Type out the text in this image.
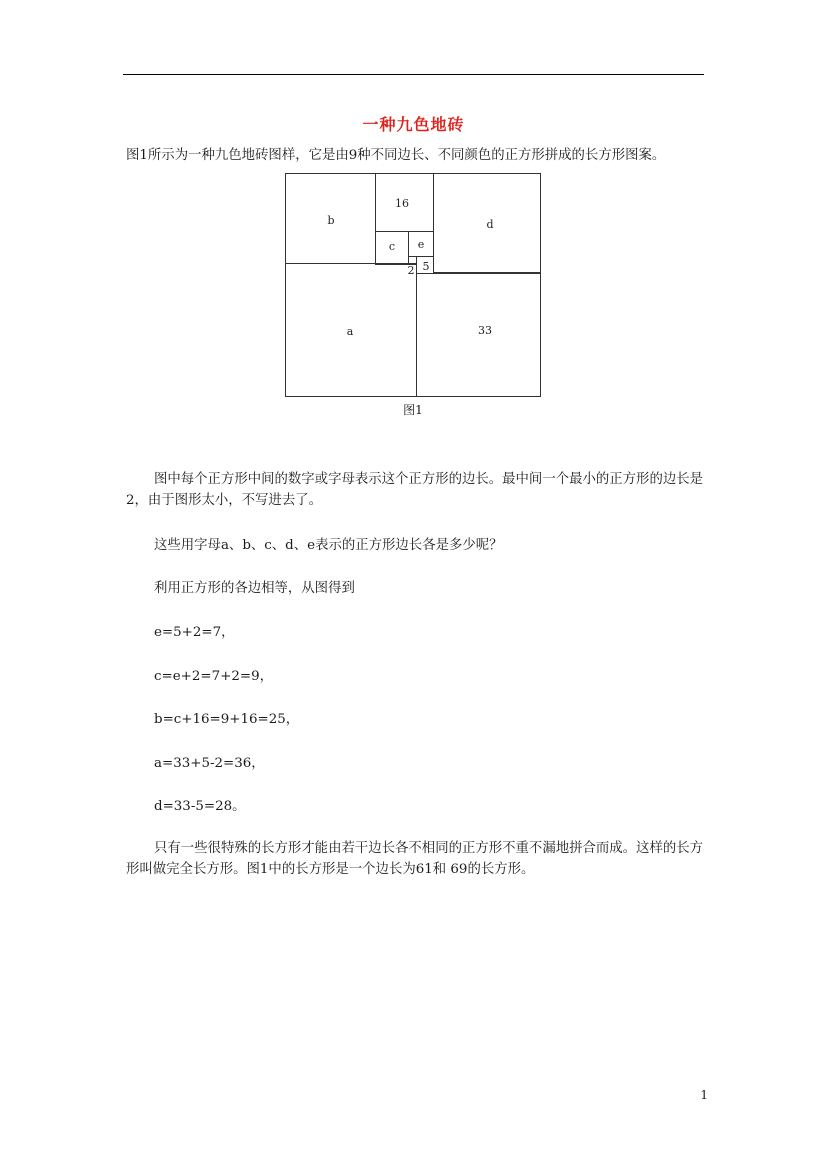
一种九色地砖

图1所示为一种九色地砖图样，它是由9种不同边长、不同颜色的正方形拼成的长方形图案。

b
16
d
c e
2 5
a	33
图1

图中每个正方形中间的数字或字母表示这个正方形的边长。最中间一个最小的正方形的边长是2，由于图形太小，不写进去了。

这些用字母a、b、c、d、e表示的正方形边长各是多少呢？

利用正方形的各边相等，从图得到

e=5+2=7，

c=e+2=7+2=9，

b=c+16=9+16=25，

a=33+5-2=36，

d=33-5=28。

只有一些很特殊的长方形才能由若干边长各不相同的正方形不重不漏地拼合而成。这样的长方形叫做完全长方形。图1中的长方形是一个边长为61和 69的长方形。

1
